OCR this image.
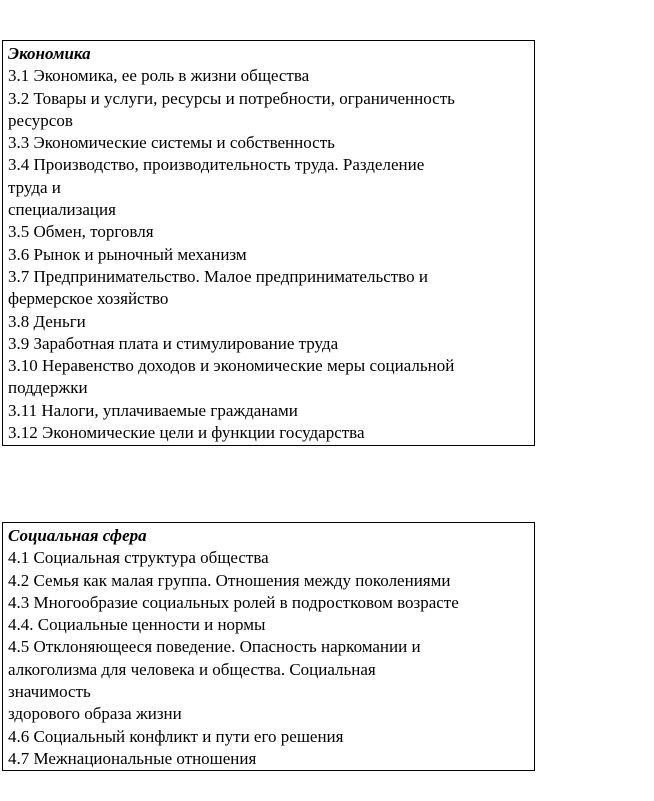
Экономика
3.1 Экономика, ее роль в жизни общества
3.2 Товары и услуги, ресурсы и потребности, ограниченность
ресурсов
3.3 Экономические системы и собственность
3.4 Производство, производительность труда. Разделение
труда и
специализация
3.5 Обмен, торговля
3.6 Рынок и рыночный механизм
3.7 Предпринимательство. Малое предпринимательство и
фермерское хозяйство
3.8 Деньги
3.9 Заработная плата и стимулирование труда
3.10 Неравенство доходов и экономические меры социальной
поддержки
3.11 Налоги, уплачиваемые гражданами
3.12 Экономические цели и функции государства
Социальная сфера
4.1 Социальная структура общества
4.2 Семья как малая группа. Отношения между поколениями
4.3 Многообразие социальных ролей в подростковом возрасте
4.4. Социальные ценности и нормы
4.5 Отклоняющееся поведение. Опасность наркомании и
алкоголизма для человека и общества. Социальная
значимость
здорового образа жизни
4.6 Социальный конфликт и пути его решения
4.7 Межнациональные отношения
